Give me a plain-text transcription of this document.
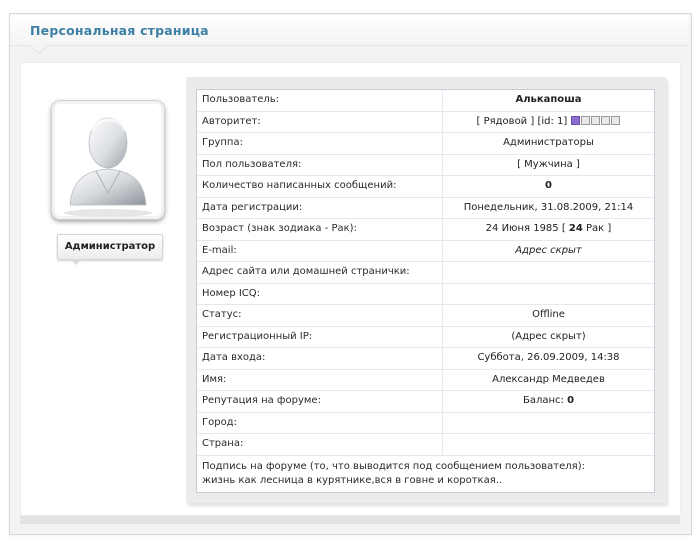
Персональная страница
Администратор
Пользователь:	Алькапоша
Авторитет:	[ Рядовой ] [id: 1]
Группа:	Администраторы
Пол пользователя:	[ Мужчина ]
Количество написанных сообщений:	0
Дата регистрации:	Понедельник, 31.08.2009, 21:14
Возраст (знак зодиака - Рак):	24 Июня 1985 [ 24 Рак ]
E-mail:	Адрес скрыт
Адрес сайта или домашней странички:
Номер ICQ:
Статус:	Offline
Регистрационный IP:	(Адрес скрыт)
Дата входа:	Суббота, 26.09.2009, 14:38
Имя:	Александр Медведев
Репутация на форуме:	Баланс: 0
Город:
Страна:
Подпись на форуме (то, что выводится под сообщением пользователя):
жизнь как лесница в курятнике,вся в говне и короткая..
